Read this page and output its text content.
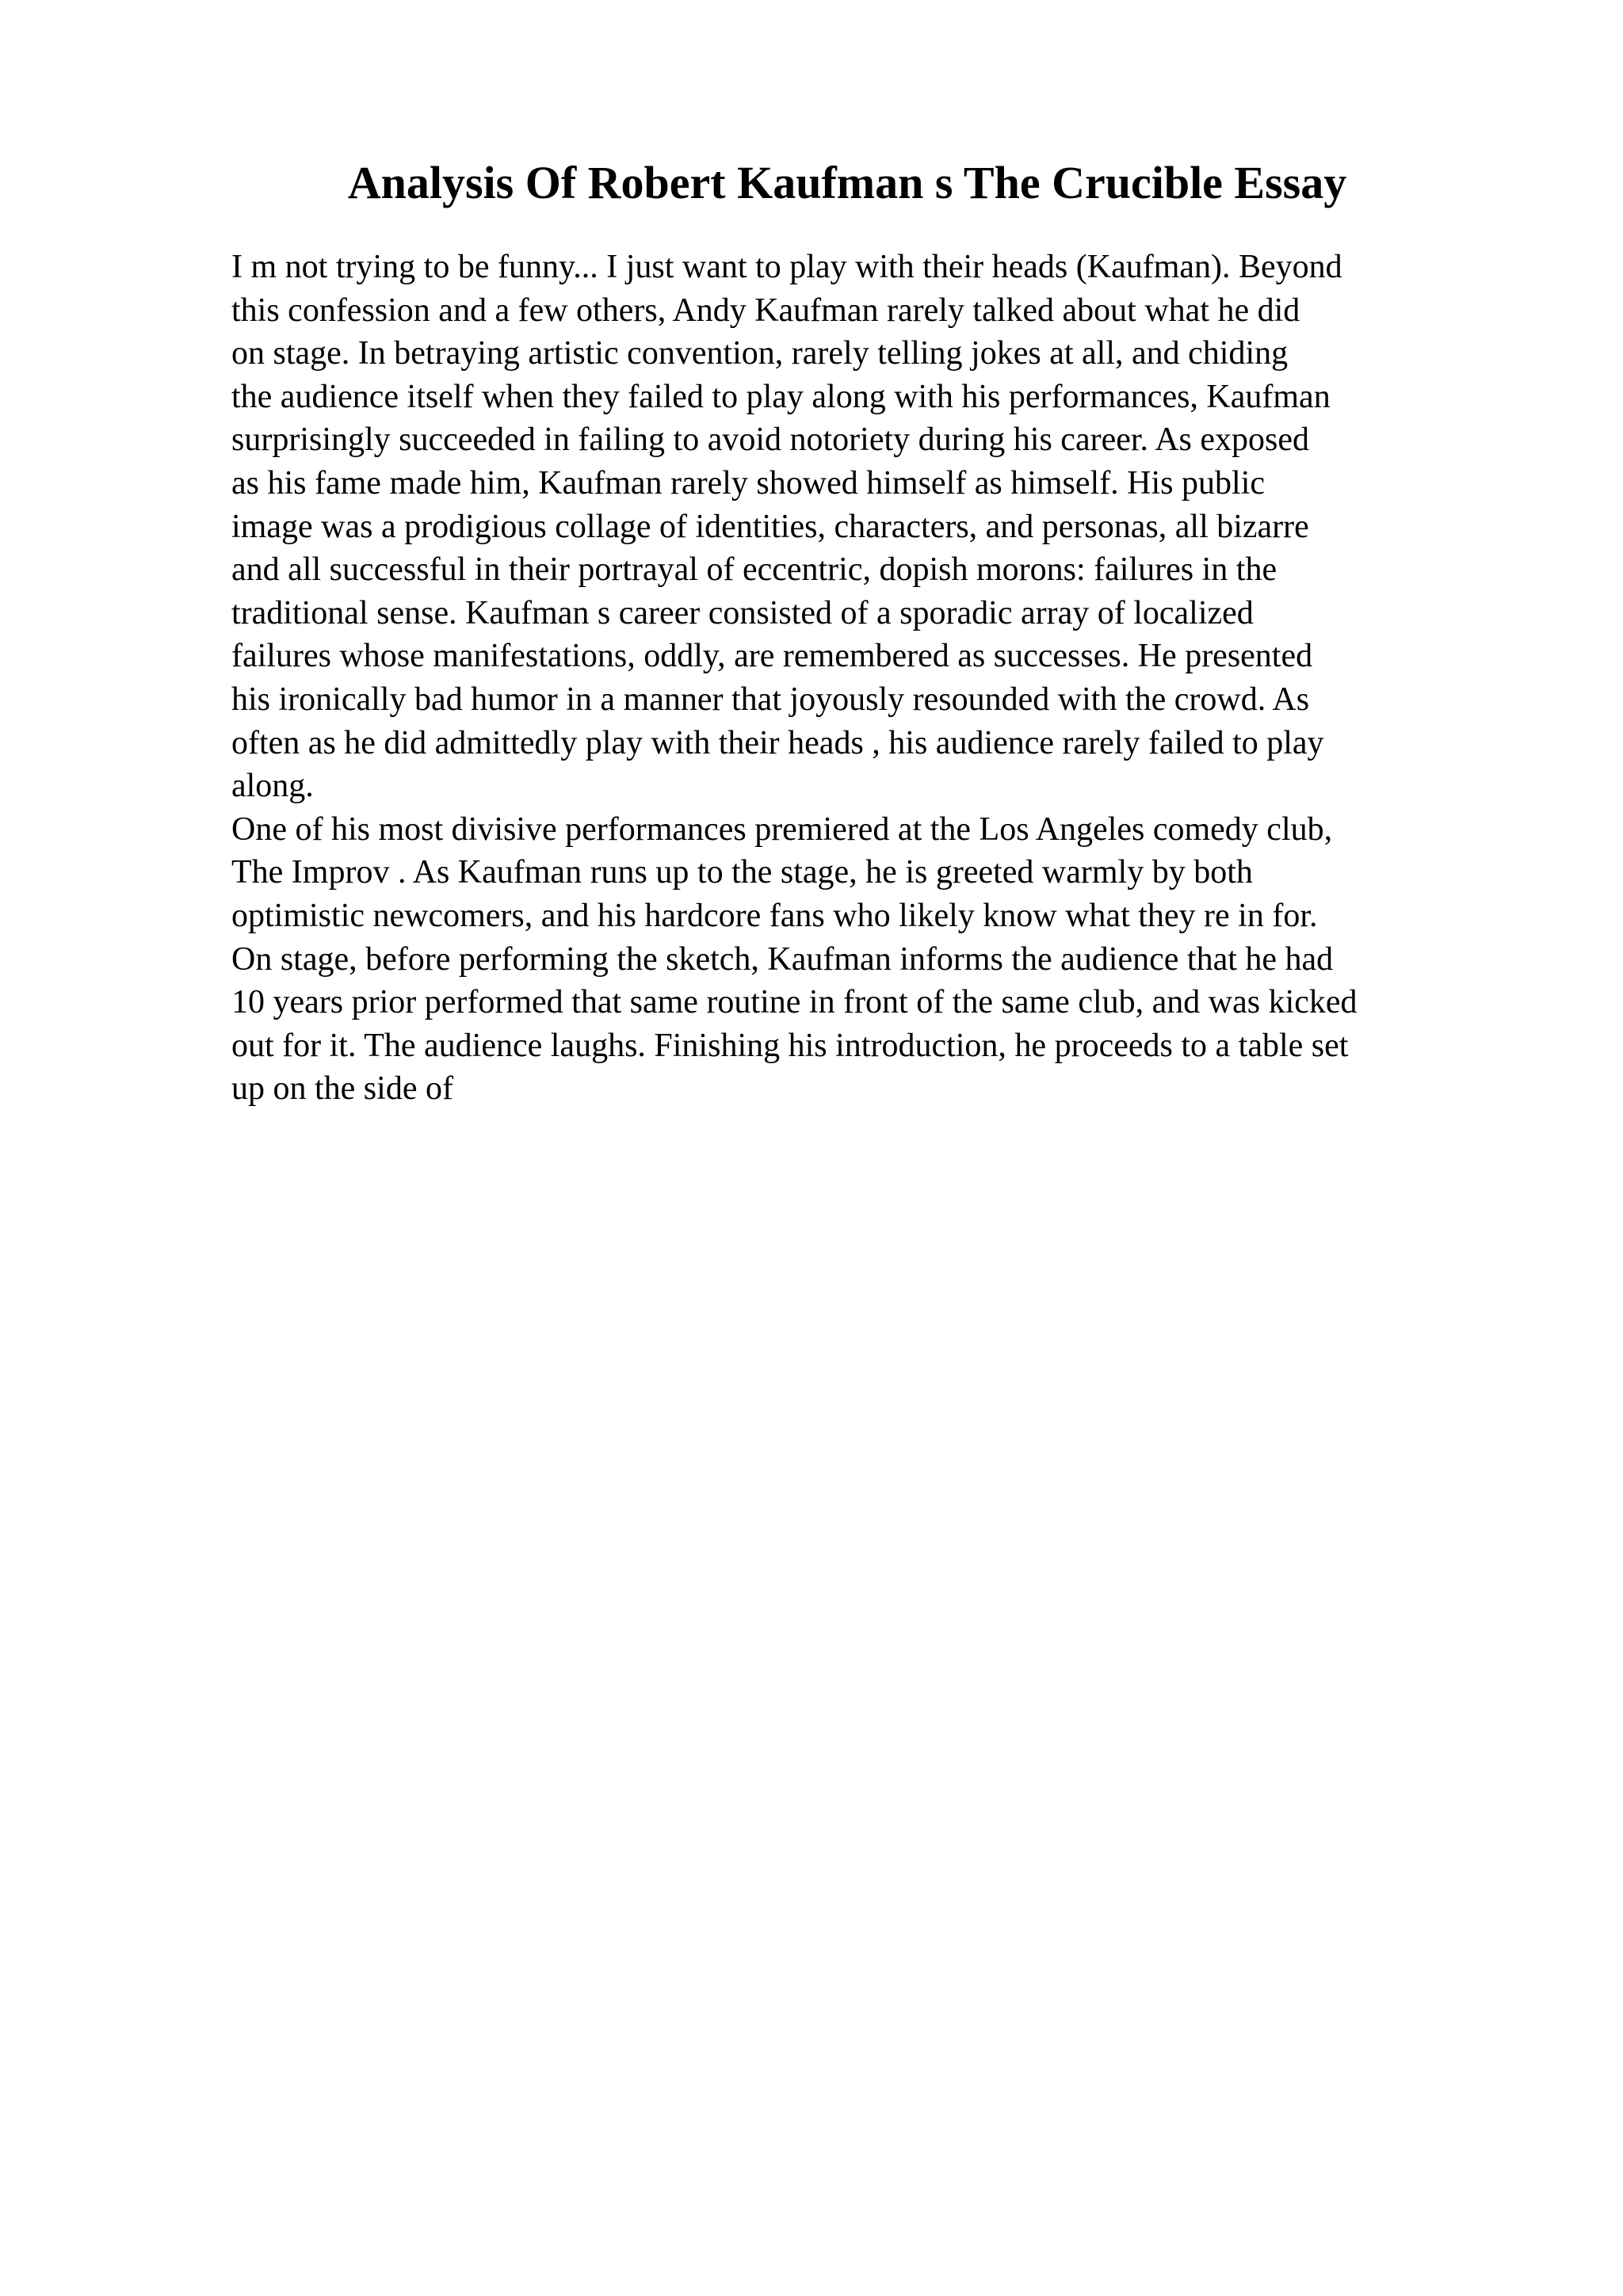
Analysis Of Robert Kaufman s The Crucible Essay
I m not trying to be funny... I just want to play with their heads (Kaufman). Beyond
this confession and a few others, Andy Kaufman rarely talked about what he did
on stage. In betraying artistic convention, rarely telling jokes at all, and chiding
the audience itself when they failed to play along with his performances, Kaufman
surprisingly succeeded in failing to avoid notoriety during his career. As exposed
as his fame made him, Kaufman rarely showed himself as himself. His public
image was a prodigious collage of identities, characters, and personas, all bizarre
and all successful in their portrayal of eccentric, dopish morons: failures in the
traditional sense. Kaufman s career consisted of a sporadic array of localized
failures whose manifestations, oddly, are remembered as successes. He presented
his ironically bad humor in a manner that joyously resounded with the crowd. As
often as he did admittedly play with their heads , his audience rarely failed to play
along.
One of his most divisive performances premiered at the Los Angeles comedy club,
The Improv . As Kaufman runs up to the stage, he is greeted warmly by both
optimistic newcomers, and his hardcore fans who likely know what they re in for.
On stage, before performing the sketch, Kaufman informs the audience that he had
10 years prior performed that same routine in front of the same club, and was kicked
out for it. The audience laughs. Finishing his introduction, he proceeds to a table set
up on the side of
